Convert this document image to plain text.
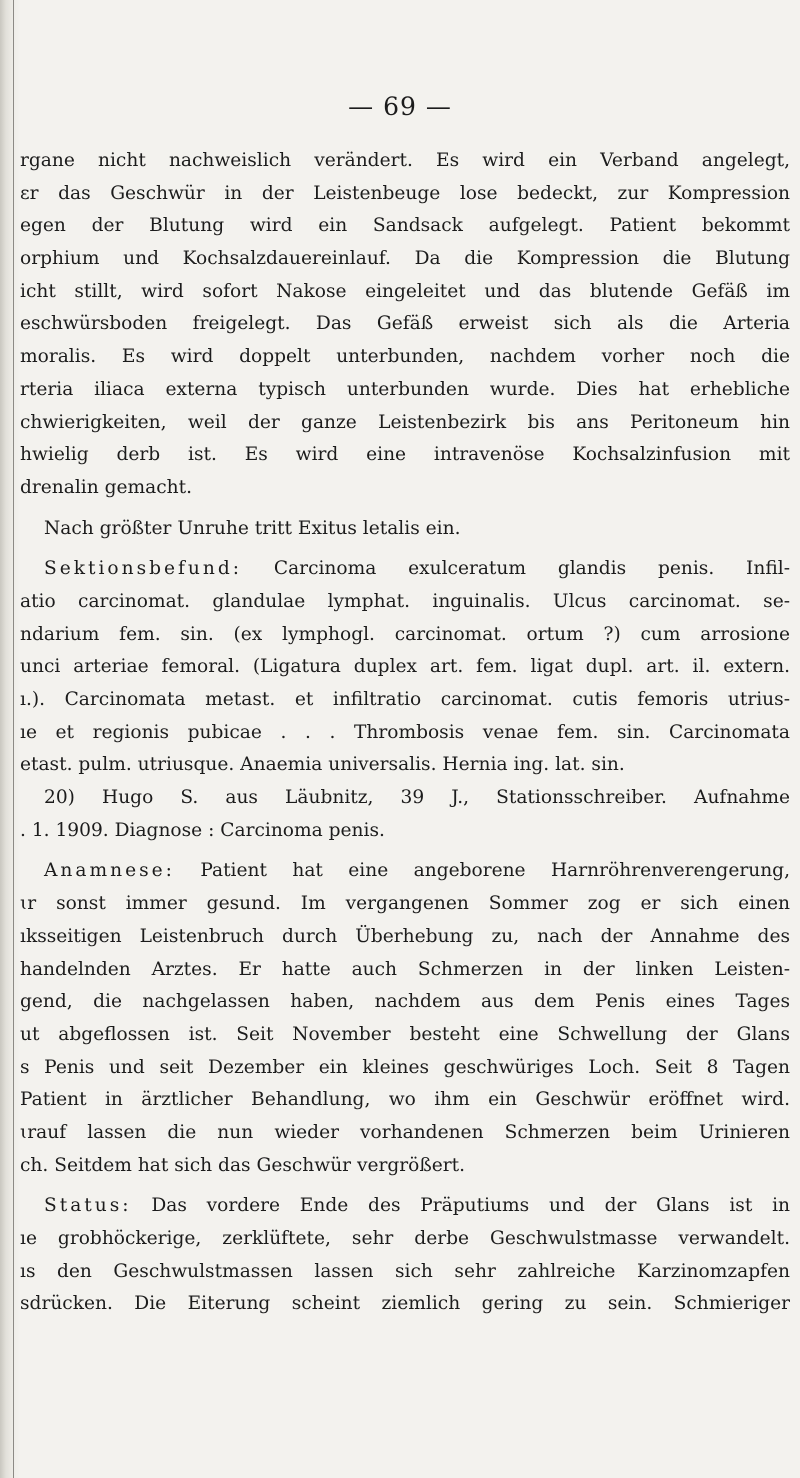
— 69 —
rgane nicht nachweislich verändert. Es wird ein Verband angelegt,
ɛr das Geschwür in der Leistenbeuge lose bedeckt, zur Kompression
egen der Blutung wird ein Sandsack aufgelegt. Patient bekommt
orphium und Kochsalzdauereinlauf. Da die Kompression die Blutung
icht stillt, wird sofort Nakose eingeleitet und das blutende Gefäß im
eschwürsboden freigelegt. Das Gefäß erweist sich als die Arteria
moralis. Es wird doppelt unterbunden, nachdem vorher noch die
rteria iliaca externa typisch unterbunden wurde. Dies hat erhebliche
chwierigkeiten, weil der ganze Leistenbezirk bis ans Peritoneum hin
hwielig derb ist. Es wird eine intravenöse Kochsalzinfusion mit
drenalin gemacht.
Nach größter Unruhe tritt Exitus letalis ein.
Sektionsbefund: Carcinoma exulceratum glandis penis. Infil-
atio carcinomat. glandulae lymphat. inguinalis. Ulcus carcinomat. se-
ndarium fem. sin. (ex lymphogl. carcinomat. ortum ?) cum arrosione
unci arteriae femoral. (Ligatura duplex art. fem. ligat dupl. art. il. extern.
ı.). Carcinomata metast. et infiltratio carcinomat. cutis femoris utrius-
ıe et regionis pubicae . . . Thrombosis venae fem. sin. Carcinomata
etast. pulm. utriusque. Anaemia universalis. Hernia ing. lat. sin.
20) Hugo S. aus Läubnitz, 39 J., Stationsschreiber. Aufnahme
. 1. 1909. Diagnose : Carcinoma penis.
Anamnese: Patient hat eine angeborene Harnröhrenverengerung,
ɩr sonst immer gesund. Im vergangenen Sommer zog er sich einen
ıksseitigen Leistenbruch durch Überhebung zu, nach der Annahme des
handelnden Arztes. Er hatte auch Schmerzen in der linken Leisten-
gend, die nachgelassen haben, nachdem aus dem Penis eines Tages
ut abgeflossen ist. Seit November besteht eine Schwellung der Glans
s Penis und seit Dezember ein kleines geschwüriges Loch. Seit 8 Tagen
Patient in ärztlicher Behandlung, wo ihm ein Geschwür eröffnet wird.
ɩrauf lassen die nun wieder vorhandenen Schmerzen beim Urinieren
ch. Seitdem hat sich das Geschwür vergrößert.
Status: Das vordere Ende des Präputiums und der Glans ist in
ıe grobhöckerige, zerklüftete, sehr derbe Geschwulstmasse verwandelt.
ıs den Geschwulstmassen lassen sich sehr zahlreiche Karzinomzapfen
sdrücken. Die Eiterung scheint ziemlich gering zu sein. Schmieriger
